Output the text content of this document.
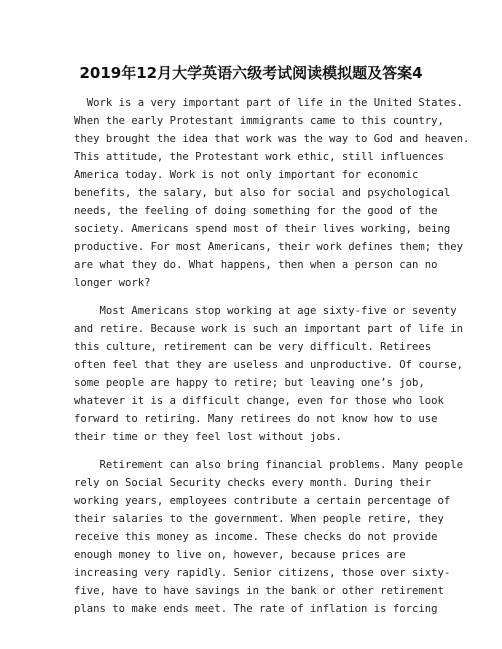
2019年12月大学英语六级考试阅读模拟题及答案4
Work is a very important part of life in the United States.
When the early Protestant immigrants came to this country,
they brought the idea that work was the way to God and heaven.
This attitude, the Protestant work ethic, still influences
America today. Work is not only important for economic
benefits, the salary, but also for social and psychological
needs, the feeling of doing something for the good of the
society. Americans spend most of their lives working, being
productive. For most Americans, their work defines them; they
are what they do. What happens, then when a person can no
longer work?
Most Americans stop working at age sixty-five or seventy
and retire. Because work is such an important part of life in
this culture, retirement can be very difficult. Retirees
often feel that they are useless and unproductive. Of course,
some people are happy to retire; but leaving one’s job,
whatever it is a difficult change, even for those who look
forward to retiring. Many retirees do not know how to use
their time or they feel lost without jobs.
Retirement can also bring financial problems. Many people
rely on Social Security checks every month. During their
working years, employees contribute a certain percentage of
their salaries to the government. When people retire, they
receive this money as income. These checks do not provide
enough money to live on, however, because prices are
increasing very rapidly. Senior citizens, those over sixty-
five, have to have savings in the bank or other retirement
plans to make ends meet. The rate of inflation is forcing
